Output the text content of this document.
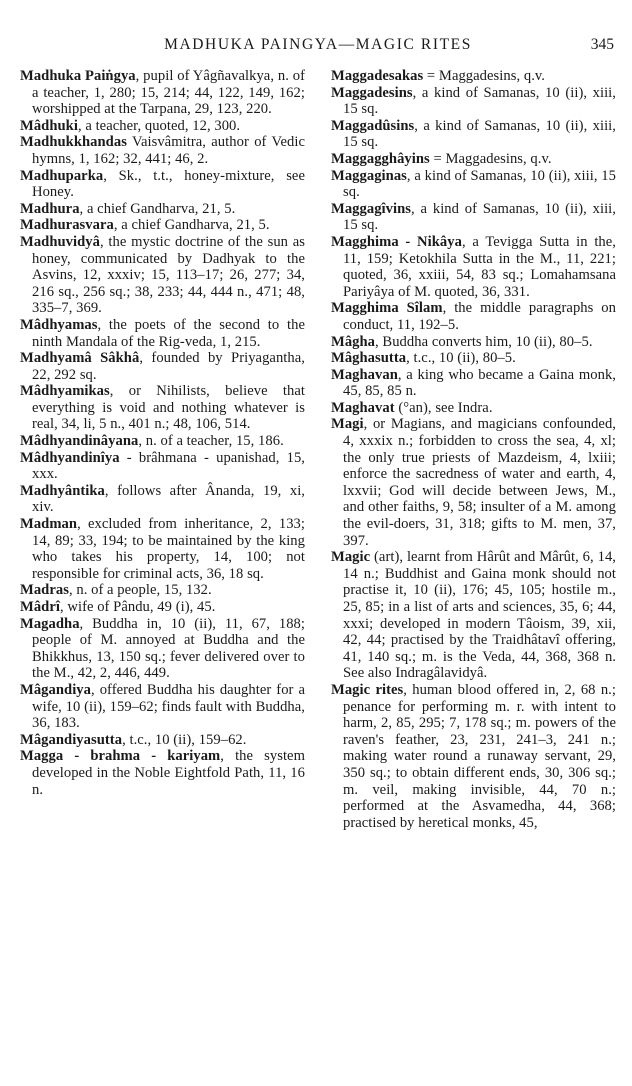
MADHUKA PAINGYA—MAGIC RITES	345

Madhuka Paiṅgya, pupil of Yâgñavalkya, n. of a teacher, 1, 280; 15, 214; 44, 122, 149, 162; worshipped at the Tarpana, 29, 123, 220.

Mâdhuki, a teacher, quoted, 12, 300.

Madhukkhandas Vaisvâmitra, author of Vedic hymns, 1, 162; 32, 441; 46, 2.

Madhuparka, Sk., t.t., honey-mixture, see Honey.

Madhura, a chief Gandharva, 21, 5.

Madhurasvara, a chief Gandharva, 21, 5.

Madhuvidyâ, the mystic doctrine of the sun as honey, communicated by Dadhyak to the Asvins, 12, xxxiv; 15, 113–17; 26, 277; 34, 216 sq., 256 sq.; 38, 233; 44, 444 n., 471; 48, 335–7, 369.

Mâdhyamas, the poets of the second to the ninth Mandala of the Rig-veda, 1, 215.

Madhyamâ Sâkhâ, founded by Priyagantha, 22, 292 sq.

Mâdhyamikas, or Nihilists, believe that everything is void and nothing whatever is real, 34, li, 5 n., 401 n.; 48, 106, 514.

Mâdhyandinâyana, n. of a teacher, 15, 186.

Mâdhyandinîya - brâhmana - upanishad, 15, xxx.

Madhyântika, follows after Ânanda, 19, xi, xiv.

Madman, excluded from inheritance, 2, 133; 14, 89; 33, 194; to be maintained by the king who takes his property, 14, 100; not responsible for criminal acts, 36, 18 sq.

Madras, n. of a people, 15, 132.

Mâdrî, wife of Pându, 49 (i), 45.

Magadha, Buddha in, 10 (ii), 11, 67, 188; people of M. annoyed at Buddha and the Bhikkhus, 13, 150 sq.; fever delivered over to the M., 42, 2, 446, 449.

Mâgandiya, offered Buddha his daughter for a wife, 10 (ii), 159–62; finds fault with Buddha, 36, 183.

Mâgandiyasutta, t.c., 10 (ii), 159–62.

Magga - brahma - kariyam, the system developed in the Noble Eightfold Path, 11, 16 n.

Maggadesakas = Maggadesins, q.v.

Maggadesins, a kind of Samanas, 10 (ii), xiii, 15 sq.

Maggadûsins, a kind of Samanas, 10 (ii), xiii, 15 sq.

Maggagghâyins = Maggadesins, q.v.

Maggaginas, a kind of Samanas, 10 (ii), xiii, 15 sq.

Maggagîvins, a kind of Samanas, 10 (ii), xiii, 15 sq.

Magghima - Nikâya, a Tevigga Sutta in the, 11, 159; Ketokhila Sutta in the M., 11, 221; quoted, 36, xxiii, 54, 83 sq.; Lomahamsana Pariyâya of M. quoted, 36, 331.

Magghima Sîlam, the middle paragraphs on conduct, 11, 192–5.

Mâgha, Buddha converts him, 10 (ii), 80–5.

Mâghasutta, t.c., 10 (ii), 80–5.

Maghavan, a king who became a Gaina monk, 45, 85, 85 n.

Maghavat (°an), see Indra.

Magi, or Magians, and magicians confounded, 4, xxxix n.; forbidden to cross the sea, 4, xl; the only true priests of Mazdeism, 4, lxiii; enforce the sacredness of water and earth, 4, lxxvii; God will decide between Jews, M., and other faiths, 9, 58; insulter of a M. among the evil-doers, 31, 318; gifts to M. men, 37, 397.

Magic (art), learnt from Hârût and Mârût, 6, 14, 14 n.; Buddhist and Gaina monk should not practise it, 10 (ii), 176; 45, 105; hostile m., 25, 85; in a list of arts and sciences, 35, 6; 44, xxxi; developed in modern Tâoism, 39, xii, 42, 44; practised by the Traidhâtavî offering, 41, 140 sq.; m. is the Veda, 44, 368, 368 n. See also Indragâlavidyâ.

Magic rites, human blood offered in, 2, 68 n.; penance for performing m. r. with intent to harm, 2, 85, 295; 7, 178 sq.; m. powers of the raven's feather, 23, 231, 241–3, 241 n.; making water round a runaway servant, 29, 350 sq.; to obtain different ends, 30, 306 sq.; m. veil, making invisible, 44, 70 n.; performed at the Asvamedha, 44, 368; practised by heretical monks, 45,
